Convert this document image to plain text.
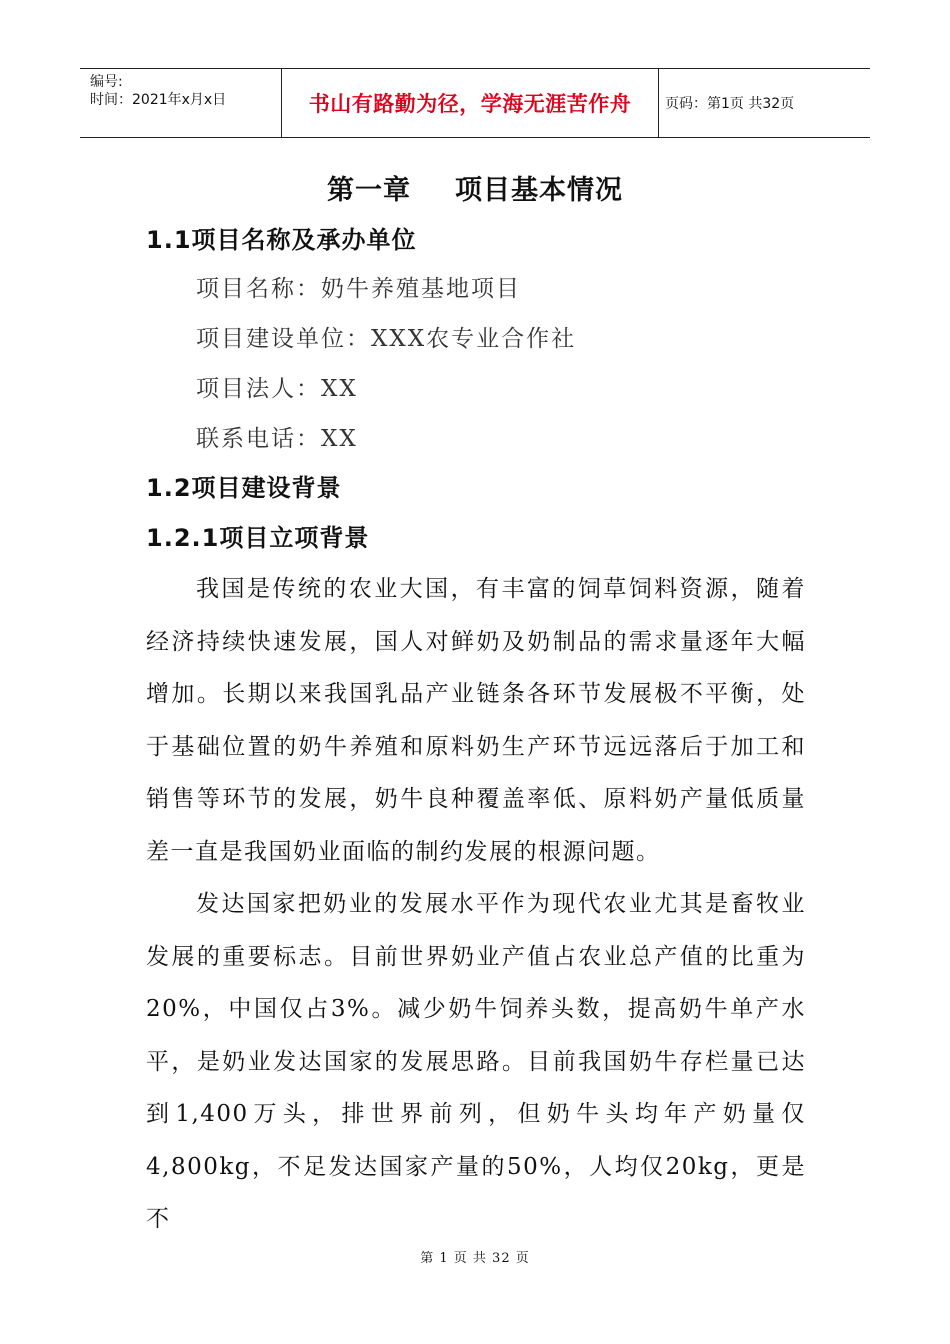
编号:
时间：2021年x月x日	书山有路勤为径，学海无涯苦作舟 页码：第1页 共32页
第一章 项目基本情况
1.1项目名称及承办单位
项目名称：奶牛养殖基地项目
项目建设单位：XXX农专业合作社
项目法人：XX
联系电话：XX
1.2项目建设背景
1.2.1项目立项背景

我国是传统的农业大国，有丰富的饲草饲料资源，随着经济持续快速发展，国人对鲜奶及奶制品的需求量逐年大幅增加。长期以来我国乳品产业链条各环节发展极不平衡，处于基础位置的奶牛养殖和原料奶生产环节远远落后于加工和销售等环节的发展，奶牛良种覆盖率低、原料奶产量低质量差一直是我国奶业面临的制约发展的根源问题。

发达国家把奶业的发展水平作为现代农业尤其是畜牧业发展的重要标志。目前世界奶业产值占农业总产值的比重为20%，中国仅占3%。减少奶牛饲养头数，提高奶牛单产水平，是奶业发达国家的发展思路。目前我国奶牛存栏量已达到1,400万头，排世界前列，但奶牛头均年产奶量仅4,800kg，不足发达国家产量的50%，人均仅20kg，更是不

第 1 页 共 32 页
